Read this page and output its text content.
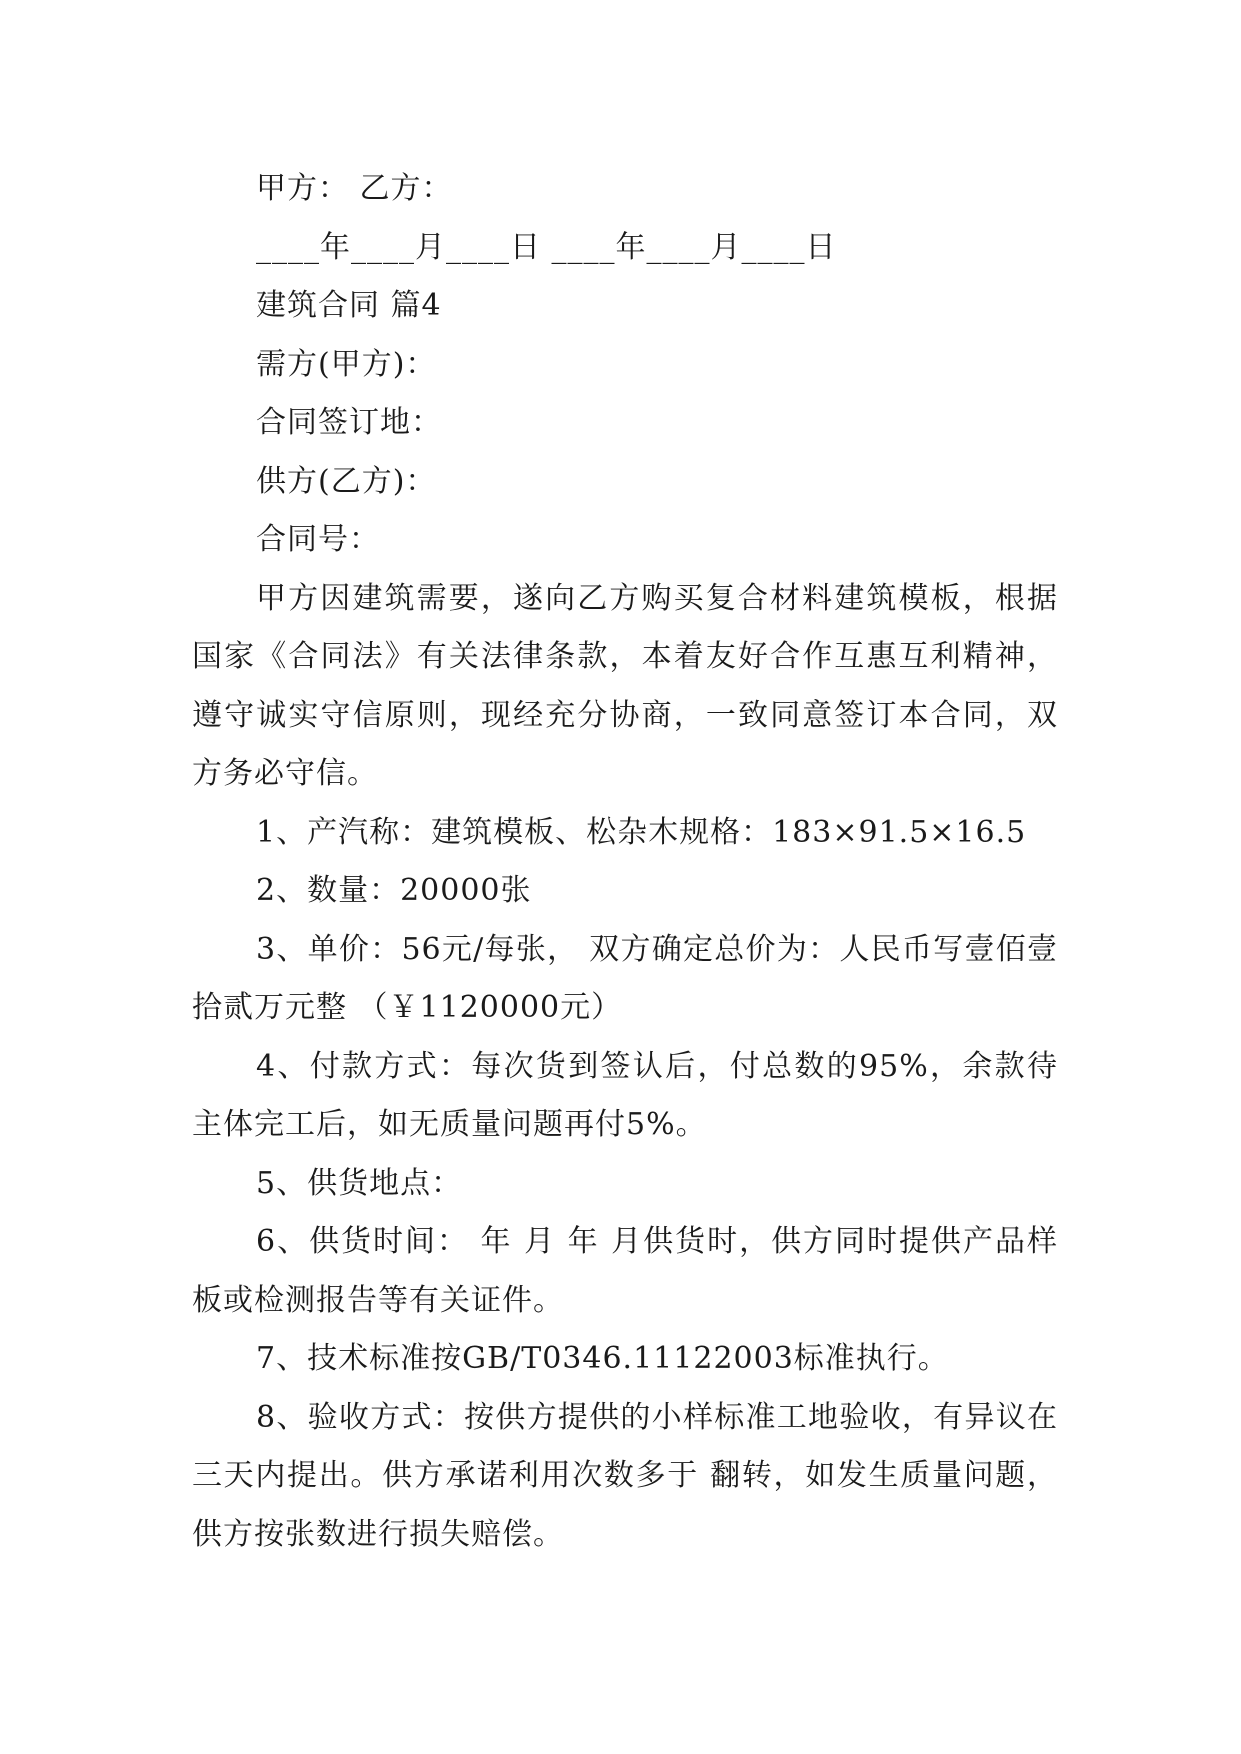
甲方： 乙方：

____年____月____日 ____年____月____日

建筑合同 篇4

需方(甲方)：

合同签订地：

供方(乙方)：

合同号：

甲方因建筑需要，遂向乙方购买复合材料建筑模板，根据国家《合同法》有关法律条款，本着友好合作互惠互利精神，遵守诚实守信原则，现经充分协商，一致同意签订本合同，双方务必守信。

1、产汽称：建筑模板、松杂木规格：183×91.5×16.5

2、数量：20000张

3、单价：56元/每张， 双方确定总价为：人民币写壹佰壹拾贰万元整 （￥1120000元）

4、付款方式：每次货到签认后，付总数的95%，余款待主体完工后，如无质量问题再付5%。

5、供货地点：

6、供货时间： 年 月 年 月供货时，供方同时提供产品样板或检测报告等有关证件。

7、技术标准按GB/T0346.11122003标准执行。

8、验收方式：按供方提供的小样标准工地验收，有异议在三天内提出。供方承诺利用次数多于 翻转，如发生质量问题，供方按张数进行损失赔偿。
